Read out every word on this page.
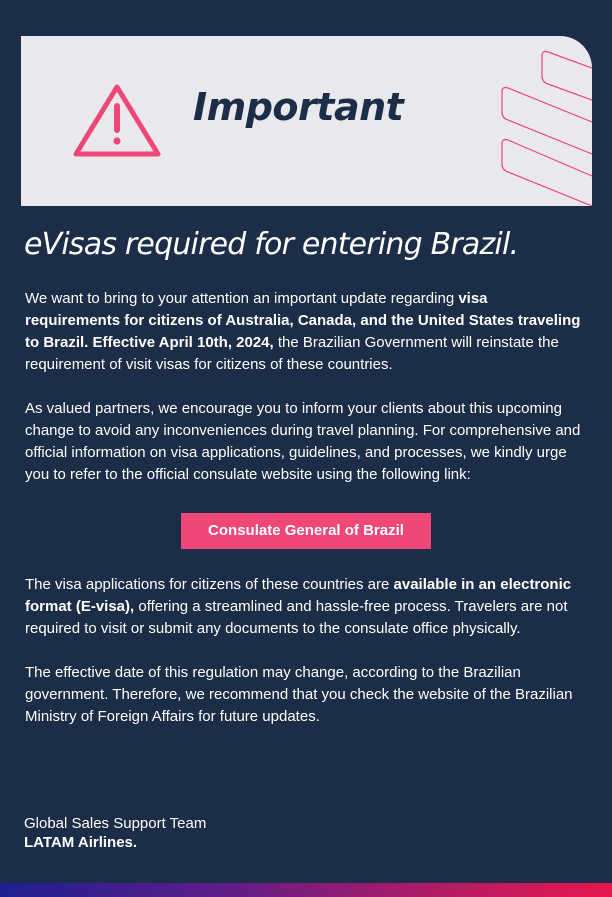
Important
eVisas required for entering Brazil.

We want to bring to your attention an important update regarding visa requirements for citizens of Australia, Canada, and the United States traveling to Brazil. Effective April 10th, 2024, the Brazilian Government will reinstate the requirement of visit visas for citizens of these countries.

As valued partners, we encourage you to inform your clients about this upcoming change to avoid any inconveniences during travel planning. For comprehensive and official information on visa applications, guidelines, and processes, we kindly urge you to refer to the official consulate website using the following link:

Consulate General of Brazil

The visa applications for citizens of these countries are available in an electronic format (E-visa), offering a streamlined and hassle-free process. Travelers are not required to visit or submit any documents to the consulate office physically.

The effective date of this regulation may change, according to the Brazilian government. Therefore, we recommend that you check the website of the Brazilian Ministry of Foreign Affairs for future updates.

Global Sales Support Team
LATAM Airlines.
